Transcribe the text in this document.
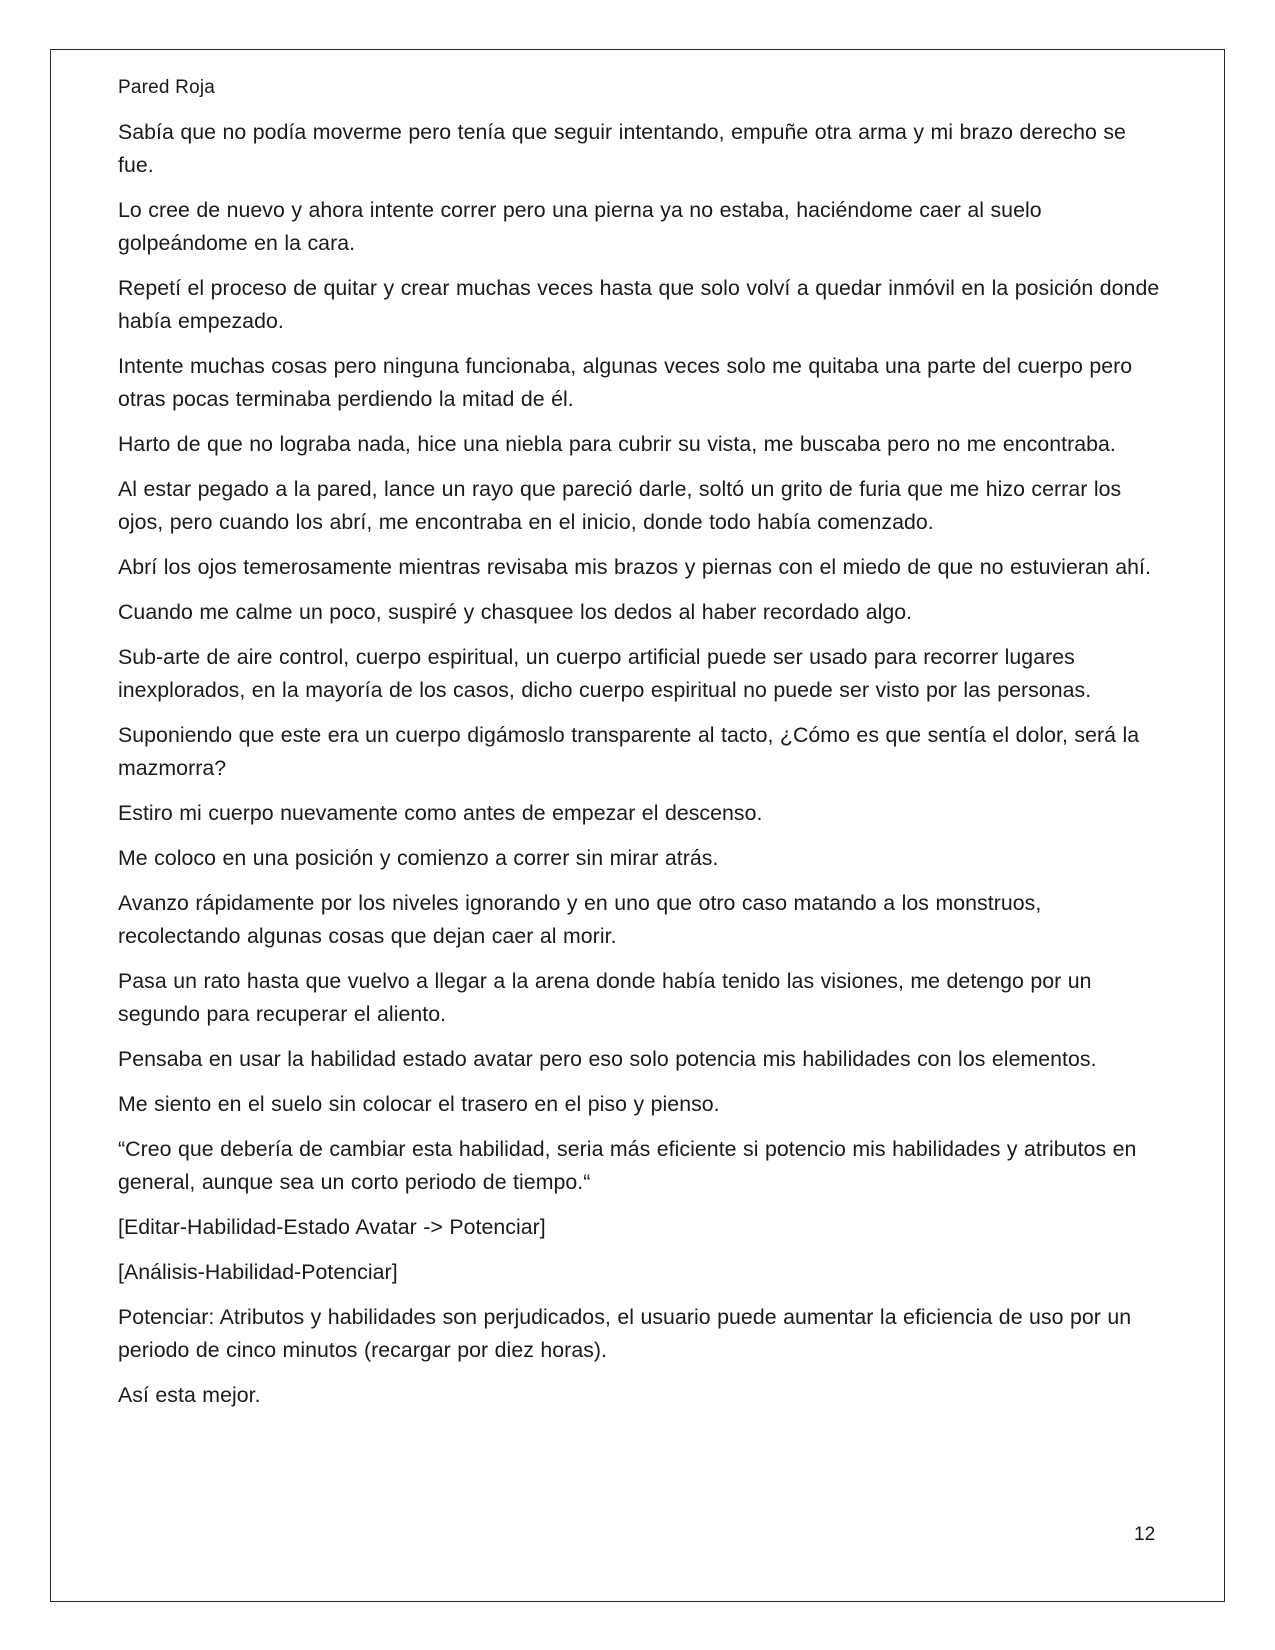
Pared Roja

Sabía que no podía moverme pero tenía que seguir intentando, empuñe otra arma y mi brazo derecho se fue.

Lo cree de nuevo y ahora intente correr pero una pierna ya no estaba, haciéndome caer al suelo golpeándome en la cara.

Repetí el proceso de quitar y crear muchas veces hasta que solo volví a quedar inmóvil en la posición donde había empezado.

Intente muchas cosas pero ninguna funcionaba, algunas veces solo me quitaba una parte del cuerpo pero otras pocas terminaba perdiendo la mitad de él.

Harto de que no lograba nada, hice una niebla para cubrir su vista, me buscaba pero no me encontraba.

Al estar pegado a la pared, lance un rayo que pareció darle, soltó un grito de furia que me hizo cerrar los ojos, pero cuando los abrí, me encontraba en el inicio, donde todo había comenzado.

Abrí los ojos temerosamente mientras revisaba mis brazos y piernas con el miedo de que no estuvieran ahí.

Cuando me calme un poco, suspiré y chasquee los dedos al haber recordado algo.

Sub-arte de aire control, cuerpo espiritual, un cuerpo artificial puede ser usado para recorrer lugares inexplorados, en la mayoría de los casos, dicho cuerpo espiritual no puede ser visto por las personas.

Suponiendo que este era un cuerpo digámoslo transparente al tacto, ¿Cómo es que sentía el dolor, será la mazmorra?

Estiro mi cuerpo nuevamente como antes de empezar el descenso.

Me coloco en una posición y comienzo a correr sin mirar atrás.

Avanzo rápidamente por los niveles ignorando y en uno que otro caso matando a los monstruos, recolectando algunas cosas que dejan caer al morir.

Pasa un rato hasta que vuelvo a llegar a la arena donde había tenido las visiones, me detengo por un segundo para recuperar el aliento.

Pensaba en usar la habilidad estado avatar pero eso solo potencia mis habilidades con los elementos.

Me siento en el suelo sin colocar el trasero en el piso y pienso.

“Creo que debería de cambiar esta habilidad, seria más eficiente si potencio mis habilidades y atributos en general, aunque sea un corto periodo de tiempo.“

[Editar-Habilidad-Estado Avatar -> Potenciar]

[Análisis-Habilidad-Potenciar]

Potenciar: Atributos y habilidades son perjudicados, el usuario puede aumentar la eficiencia de uso por un periodo de cinco minutos (recargar por diez horas).

Así esta mejor.

12
